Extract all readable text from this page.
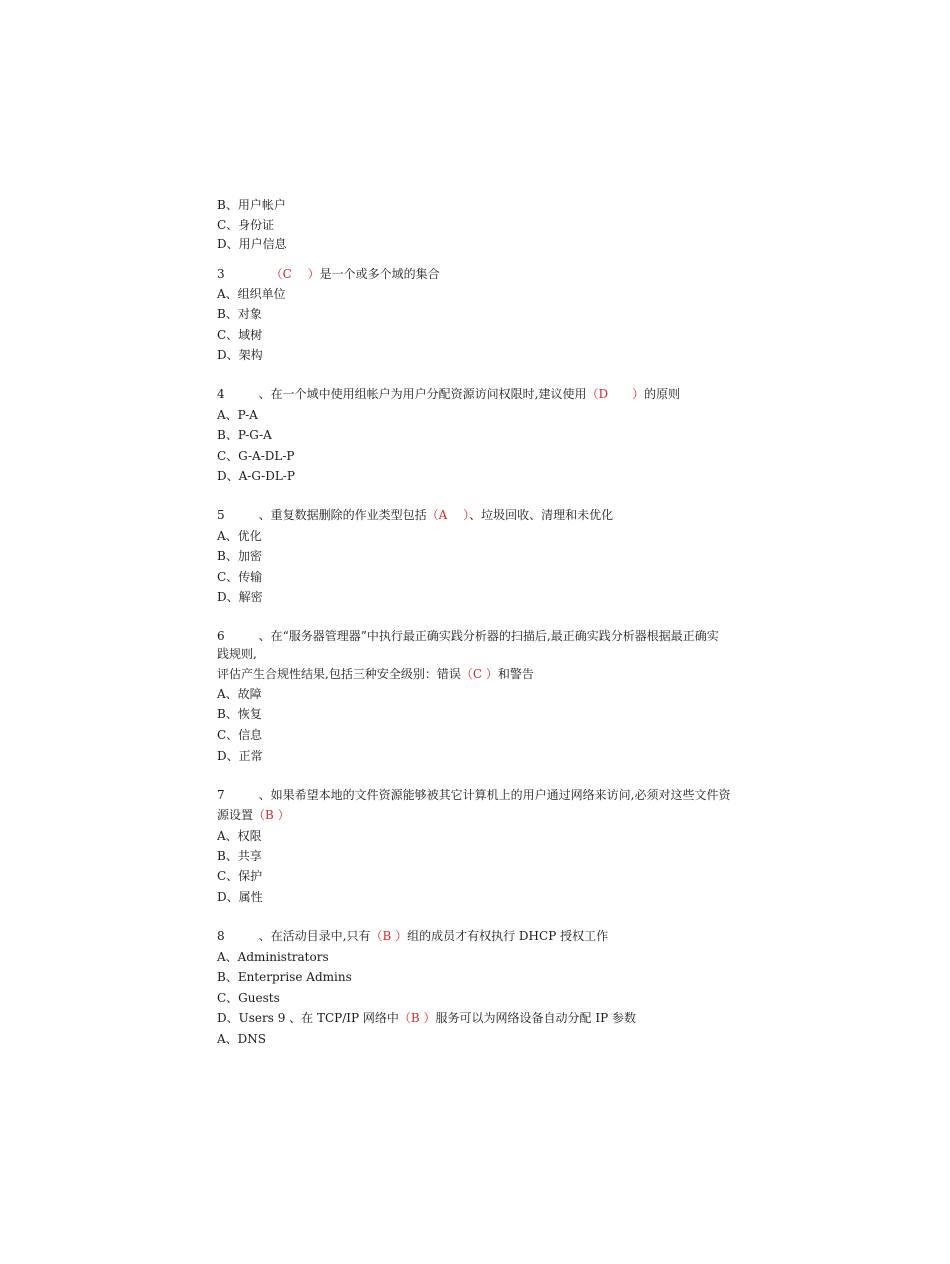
B、用户帐户
C、身份证
D、用户信息
3	（C　 ）是一个或多个域的集合
A、组织单位
B、对象
C、域树
D、架构
4	、在一个域中使用组帐户为用户分配资源访问权限时,建议使用（D　　）的原则
A、P-A
B、P-G-A
C、G-A-DL-P
D、A-G-DL-P
5	、重复数据删除的作业类型包括（A　 ）、垃圾回收、清理和未优化
A、优化
B、加密
C、传输
D、解密
6	、在“服务器管理器”中执行最正确实践分析器的扫描后,最正确实践分析器根据最正确实
践规则,
评估产生合规性结果,包括三种安全级别：错误（C ）和警告
A、故障
B、恢复
C、信息
D、正常
7	、如果希望本地的文件资源能够被其它计算机上的用户通过网络来访问,必须对这些文件资
源设置（B ）
A、权限
B、共享
C、保护
D、属性
8	、在活动目录中,只有（B ）组的成员才有权执行 DHCP 授权工作
A、Administrators
B、Enterprise Admins
C、Guests
D、Users 9 、在 TCP/IP 网络中（B ）服务可以为网络设备自动分配 IP 参数
A、DNS
